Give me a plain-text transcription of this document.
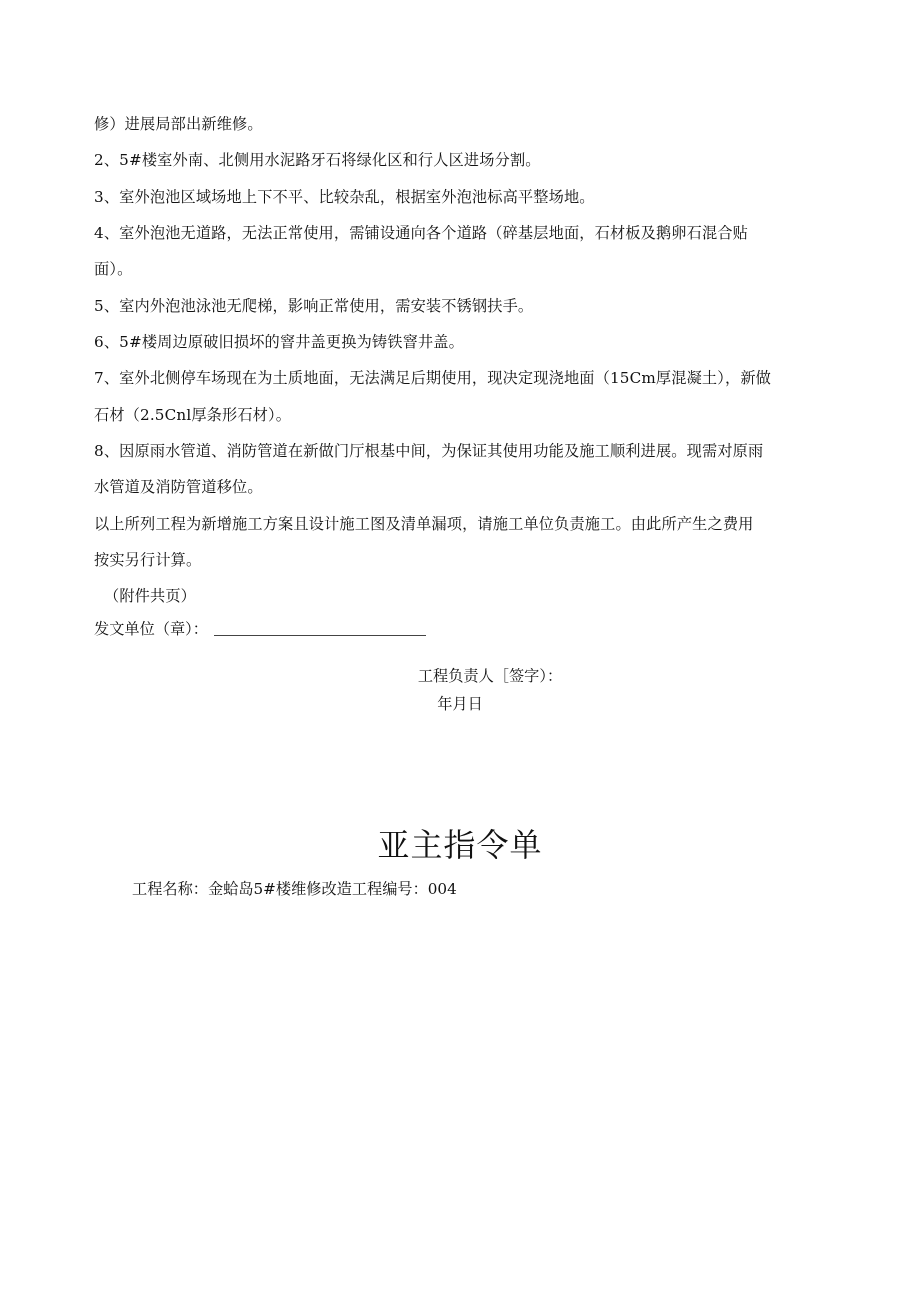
修）进展局部出新维修。
2、5#楼室外南、北侧用水泥路牙石将绿化区和行人区进场分割。
3、室外泡池区域场地上下不平、比较杂乱，根据室外泡池标高平整场地。
4、室外泡池无道路，无法正常使用，需铺设通向各个道路（碎基层地面，石材板及鹅卵石混合贴
面）。
5、室内外泡池泳池无爬梯，影响正常使用，需安装不锈钢扶手。
6、5#楼周边原破旧损坏的窨井盖更换为铸铁窨井盖。
7、室外北侧停车场现在为土质地面，无法满足后期使用，现决定现浇地面（15Cm厚混凝土），新做
石材（2.5Cnl厚条形石材）。
8、因原雨水管道、消防管道在新做门厅根基中间，为保证其使用功能及施工顺利进展。现需对原雨
水管道及消防管道移位。
以上所列工程为新增施工方案且设计施工图及清单漏项，请施工单位负责施工。由此所产生之费用
按实另行计算。
（附件共页）
发文单位（章）：
工程负责人［签字）：
年月日
亚主指令单
工程名称：金蛤岛5#楼维修改造工程编号：004
